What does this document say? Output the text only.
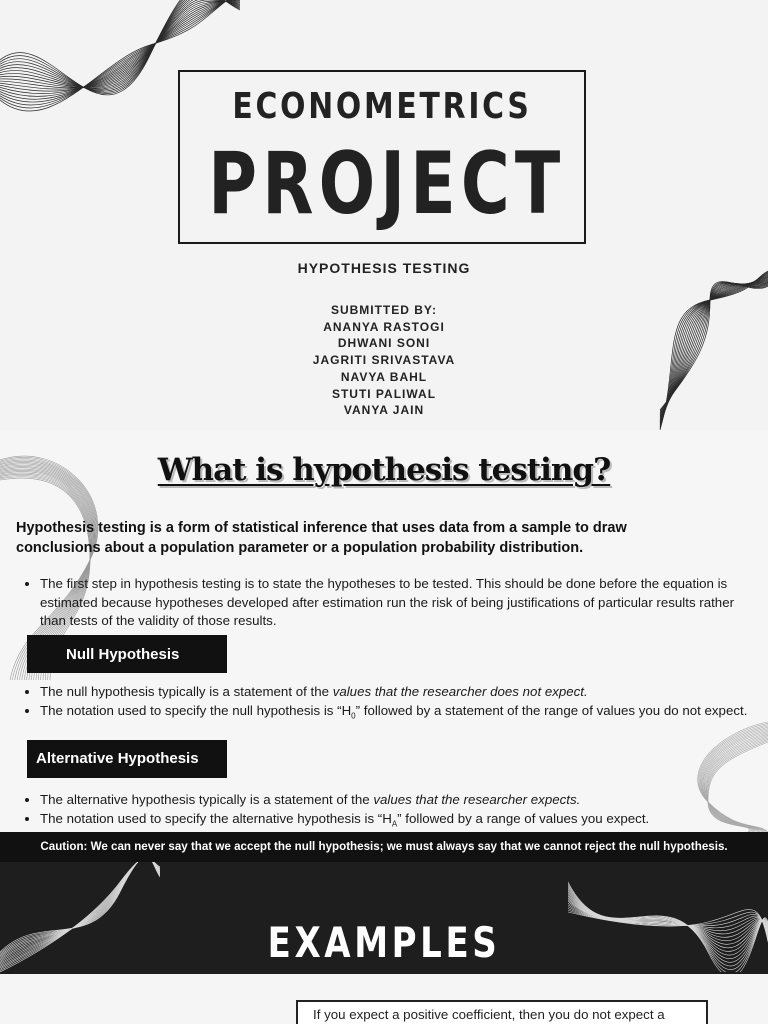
ECONOMETRICS
PROJECT
HYPOTHESIS TESTING
SUBMITTED BY:
ANANYA RASTOGI
DHWANI SONI
JAGRITI SRIVASTAVA
NAVYA BAHL
STUTI PALIWAL
VANYA JAIN
What is hypothesis testing?
Hypothesis testing is a form of statistical inference that uses data from a sample to draw conclusions about a population parameter or a population probability distribution.
• The first step in hypothesis testing is to state the hypotheses to be tested. This should be done before the equation is estimated because hypotheses developed after estimation run the risk of being justifications of particular results rather than tests of the validity of those results.
Null Hypothesis
• The null hypothesis typically is a statement of the values that the researcher does not expect.
• The notation used to specify the null hypothesis is “$H_0$” followed by a statement of the range of values you do not expect.
Alternative Hypothesis
• The alternative hypothesis typically is a statement of the values that the researcher expects.
• The notation used to specify the alternative hypothesis is “$H_A$” followed by a range of values you expect.
Caution: We can never say that we accept the null hypothesis; we must always say that we cannot reject the null hypothesis.
EXAMPLES
If you expect a positive coefficient, then you do not expect a
